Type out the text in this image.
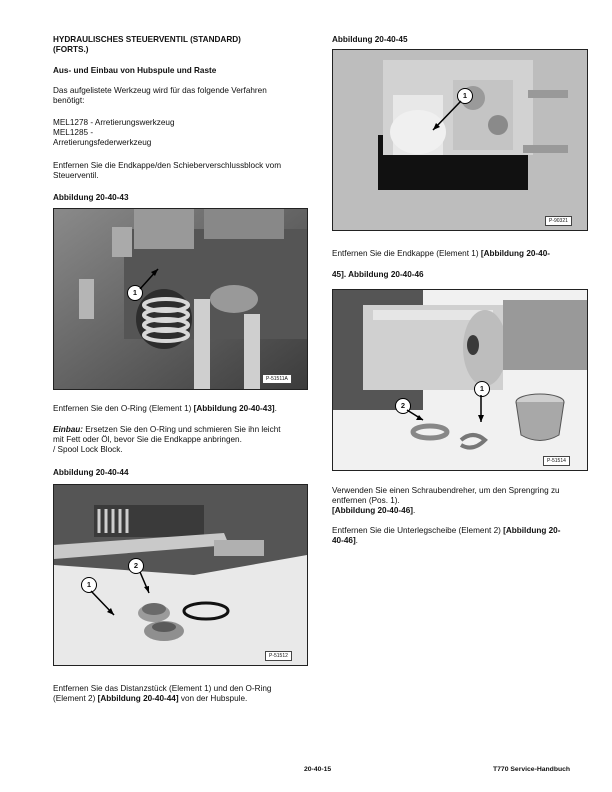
HYDRAULISCHES STEUERVENTIL (STANDARD)
(FORTS.)
Aus- und Einbau von Hubspule und Raste
Das aufgelistete Werkzeug wird für das folgende Verfahren
benötigt:
MEL1278 - Arretierungswerkzeug
MEL1285 -
Arretierungsfederwerkzeug
Entfernen Sie die Endkappe/den Schieberverschlussblock vom
Steuerventil.
Abbildung 20-40-43
1
P-51511A
Entfernen Sie den O-Ring (Element 1) [Abbildung 20-40-43].
Einbau: Ersetzen Sie den O-Ring und schmieren Sie ihn leicht
mit Fett oder Öl, bevor Sie die Endkappe anbringen.
/ Spool Lock Block.
Abbildung 20-40-44
1
2
P-51512
Entfernen Sie das Distanzstück (Element 1) und den O-Ring
(Element 2) [Abbildung 20-40-44] von der Hubspule.
Abbildung 20-40-45
1
P-90321
Entfernen Sie die Endkappe (Element 1) [Abbildung 20-40-
45]. Abbildung 20-40-46
1
2
P-51514
Verwenden Sie einen Schraubendreher, um den Sprengring zu
entfernen (Pos. 1).
[Abbildung 20-40-46].
Entfernen Sie die Unterlegscheibe (Element 2) [Abbildung 20-
40-46].
20-40-15	T770 Service-Handbuch
